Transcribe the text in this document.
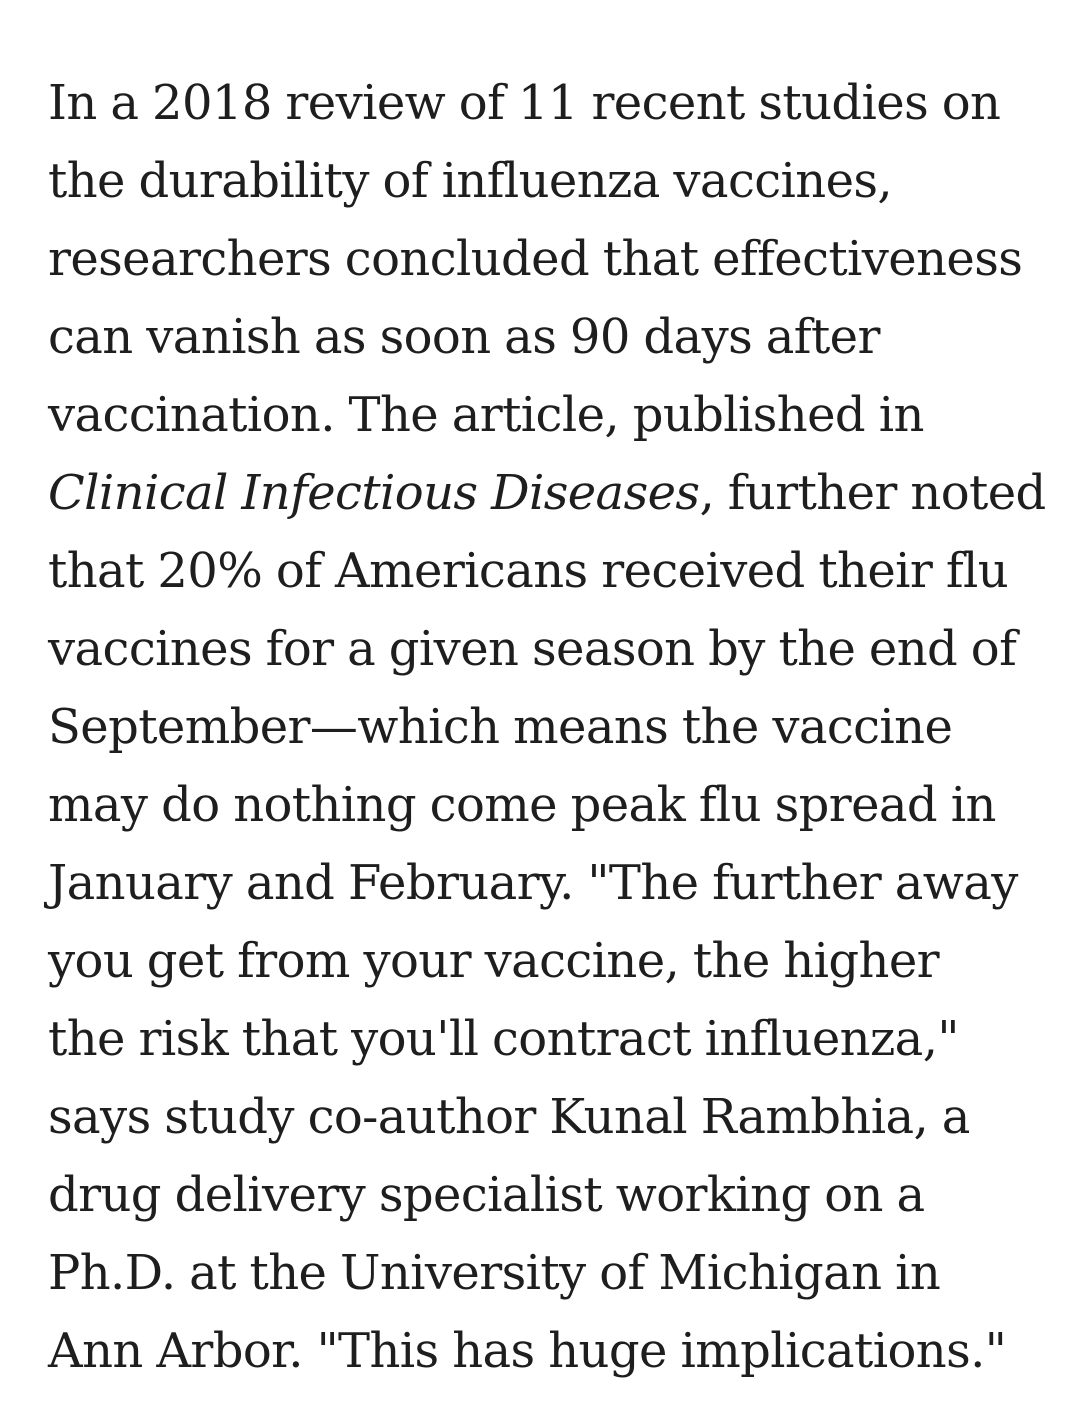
In a 2018 review of 11 recent studies on
the durability of influenza vaccines,
researchers concluded that effectiveness
can vanish as soon as 90 days after
vaccination. The article, published in
Clinical Infectious Diseases, further noted
that 20% of Americans received their flu
vaccines for a given season by the end of
September—which means the vaccine
may do nothing come peak flu spread in
January and February. "The further away
you get from your vaccine, the higher
the risk that you'll contract influenza,"
says study co-author Kunal Rambhia, a
drug delivery specialist working on a
Ph.D. at the University of Michigan in
Ann Arbor. "This has huge implications."
